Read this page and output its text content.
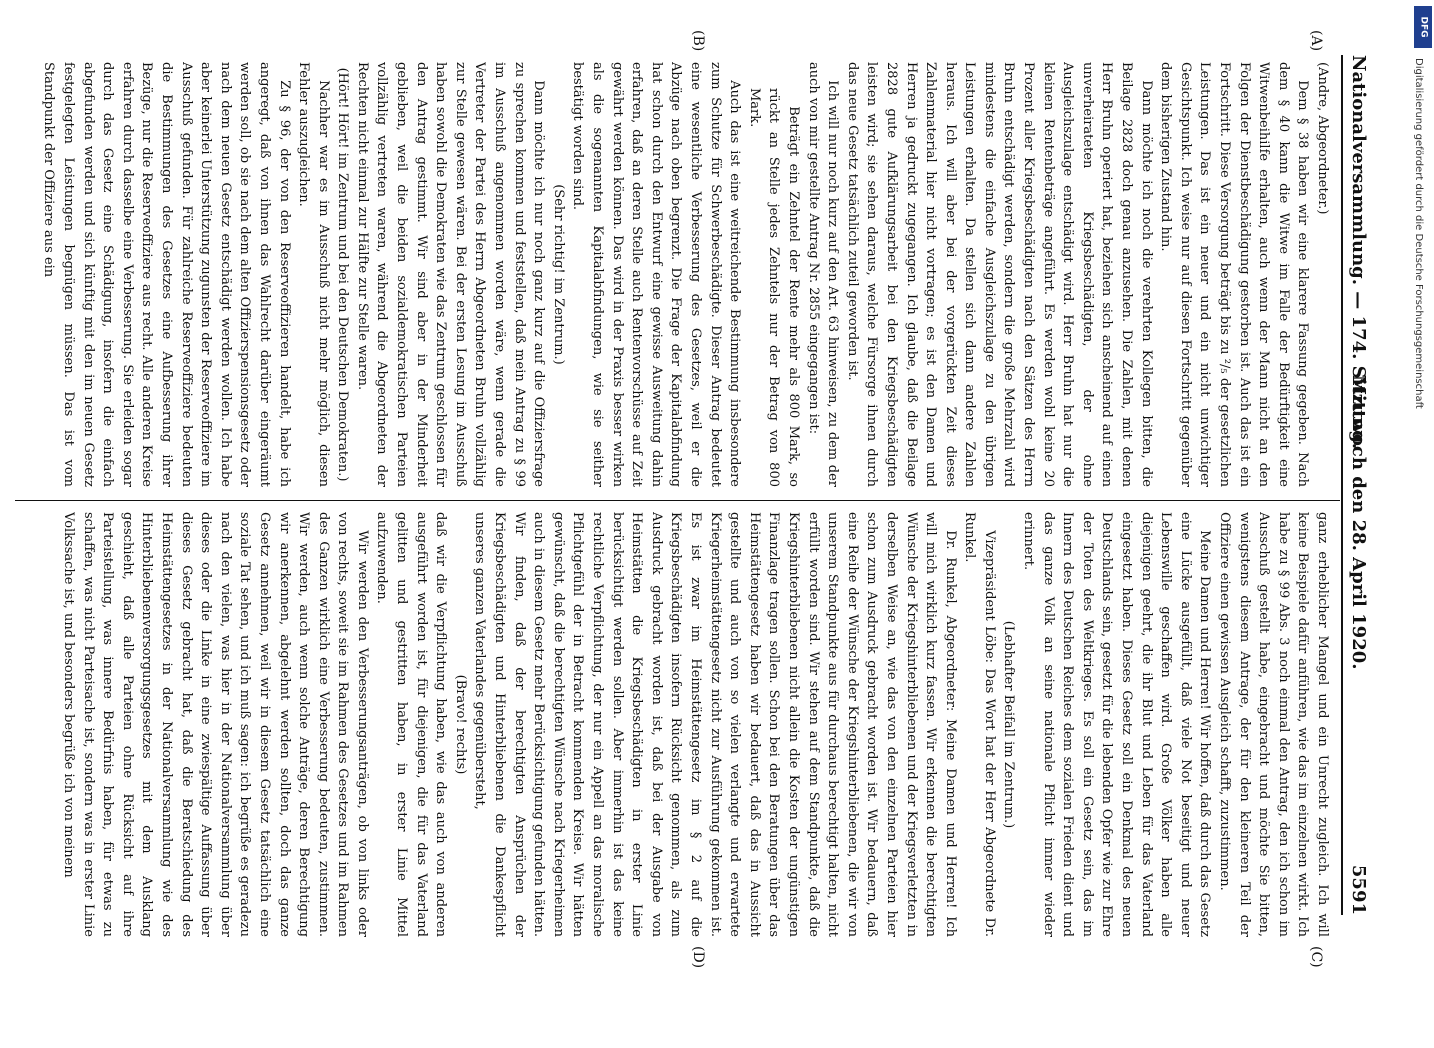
Nationalversammlung. — 174. Sitzung.
Mittwoch den 28. April 1920.
5591
(A)
(B)
(C)
(D)

(Andre, Abgeordneter.)

Dem § 38 haben wir eine klarere Fassung gegeben. Nach dem § 40 kann die Witwe im Falle der Bedürftigkeit eine Witwenbeihilfe erhalten, auch wenn der Mann nicht an den Folgen der Dienstbeschädigung gestorben ist. Auch das ist ein Fortschritt. Diese Versorgung beträgt bis zu ²/₅ der gesetzlichen Leistungen. Das ist ein neuer und ein nicht unwichtiger Gesichtspunkt. Ich weise nur auf diesen Fortschritt gegenüber dem bisherigen Zustand hin.

Dann möchte ich noch die verehrten Kollegen bitten, die Beilage 2828 doch genau anzusehen. Die Zahlen, mit denen Herr Bruhn operiert hat, beziehen sich anscheinend auf einen unverheirateten Kriegsbeschädigten, der ohne Ausgleichszulage entschädigt wird. Herr Bruhn hat nur die kleinen Rentenbeträge angeführt. Es werden wohl keine 20 Prozent aller Kriegsbeschädigten nach den Sätzen des Herrn Bruhn entschädigt werden, sondern die große Mehrzahl wird mindestens die einfache Ausgleichszulage zu den übrigen Leistungen erhalten. Da stellen sich dann andere Zahlen heraus. Ich will aber bei der vorgerückten Zeit dieses Zahlenmaterial hier nicht vortragen; es ist den Damen und Herren ja gedruckt zugegangen. Ich glaube, daß die Beilage 2828 gute Aufklärungsarbeit bei den Kriegsbeschädigten leisten wird; sie sehen daraus, welche Fürsorge ihnen durch das neue Gesetz tatsächlich zuteil geworden ist.

Ich will nur noch kurz auf den Art. 63 hinweisen, zu dem der auch von mir gestellte Antrag Nr. 2855 eingegangen ist:

Beträgt ein Zehntel der Rente mehr als 800 Mark, so rückt an Stelle jedes Zehntels nur der Betrag von 800 Mark.

Auch das ist eine weitreichende Bestimmung insbesondere zum Schutze für Schwerbeschädigte. Dieser Antrag bedeutet eine wesentliche Verbesserung des Gesetzes, weil er die Abzüge nach oben begrenzt. Die Frage der Kapitalabfindung hat schon durch den Entwurf eine gewisse Ausweitung dahin erfahren, daß an deren Stelle auch Rentenvorschüsse auf Zeit gewährt werden können. Das wird in der Praxis besser wirken als die sogenannten Kapitalabfindungen, wie sie seither bestätigt worden sind.

(Sehr richtig! im Zentrum.)

Dann möchte ich nur noch ganz kurz auf die Offiziersfrage zu sprechen kommen und feststellen, daß mein Antrag zu § 99 im Ausschuß angenommen worden wäre, wenn gerade die Vertreter der Partei des Herrn Abgeordneten Bruhn vollzählig zur Stelle gewesen wären. Bei der ersten Lesung im Ausschuß haben sowohl die Demokraten wie das Zentrum geschlossen für den Antrag gestimmt. Wir sind aber in der Minderheit geblieben, weil die beiden sozialdemokratischen Parteien vollzählig vertreten waren, während die Abgeordneten der Rechten nicht einmal zur Hälfte zur Stelle waren.

(Hört! Hört! im Zentrum und bei den Deutschen Demokraten.)

Nachher war es im Ausschuß nicht mehr möglich, diesen Fehler auszugleichen.

Zu § 96, der von den Reserveoffizieren handelt, habe ich angeregt, daß von ihnen das Wahlrecht darüber eingeräumt werden soll, ob sie nach dem alten Offizierspensionsgesetz oder nach dem neuen Gesetz entschädigt werden wollen. Ich habe aber keinerlei Unterstützung zugunsten der Reserveoffiziere im Ausschuß gefunden. Für zahlreiche Reserveoffiziere bedeuten die Bestimmungen des Gesetzes eine Aufbesserung ihrer Bezüge, nur die Reserveoffiziere aus recht. Alle anderen Kreise erfahren durch dasselbe eine Verbesserung. Sie erleiden sogar durch das Gesetz eine Schädigung, insofern die einfach abgefunden werden und sich künftig mit den im neuen Gesetz festgelegten Leistungen begnügen müssen. Das ist vom Standpunkt der Offiziere aus ein

ganz erheblicher Mangel und ein Unrecht zugleich. Ich will keine Beispiele dafür anführen, wie das im einzelnen wirkt. Ich habe zu § 99 Abs. 3 noch einmal den Antrag, den ich schon im Ausschuß gestellt habe, eingebracht und möchte Sie bitten, wenigstens diesem Antrage, der für den kleineren Teil der Offiziere einen gewissen Ausgleich schafft, zuzustimmen.

Meine Damen und Herren! Wir hoffen, daß durch das Gesetz eine Lücke ausgefüllt, daß viele Not beseitigt und neuer Lebenswille geschaffen wird. Große Völker haben alle diejenigen geehrt, die ihr Blut und Leben für das Vaterland eingesetzt haben. Dieses Gesetz soll ein Denkmal des neuen Deutschlands sein, gesetzt für die lebenden Opfer wie zur Ehre der Toten des Weltkrieges. Es soll ein Gesetz sein, das im Innern des Deutschen Reiches dem sozialen Frieden dient und das ganze Volk an seine nationale Pflicht immer wieder erinnert.

(Lebhafter Beifall im Zentrum.)

Vizepräsident Löbe: Das Wort hat der Herr Abgeordnete Dr. Runkel.

Dr. Runkel, Abgeordneter: Meine Damen und Herren! Ich will mich wirklich kurz fassen. Wir erkennen die berechtigten Wünsche der Kriegshinterbliebenen und der Kriegsverletzten in derselben Weise an, wie das von den einzelnen Parteien hier schon zum Ausdruck gebracht worden ist. Wir bedauern, daß eine Reihe der Wünsche der Kriegshinterbliebenen, die wir von unserem Standpunkte aus für durchaus berechtigt halten, nicht erfüllt worden sind. Wir stehen auf dem Standpunkte, daß die Kriegshinterbliebenen nicht allein die Kosten der ungünstigen Finanzlage tragen sollen. Schon bei den Beratungen über das Heimstättengesetz haben wir bedauert, daß das in Aussicht gestellte und auch von so vielen verlangte und erwartete Kriegerheimstättengesetz nicht zur Ausführung gekommen ist. Es ist zwar im Heimstättengesetz im § 2 auf die Kriegsbeschädigten insofern Rücksicht genommen, als zum Ausdruck gebracht worden ist, daß bei der Ausgabe von Heimstätten die Kriegsbeschädigten in erster Linie berücksichtigt werden sollen. Aber immerhin ist das keine rechtliche Verpflichtung, der nur ein Appell an das moralische Pflichtgefühl der in Betracht kommenden Kreise. Wir hätten gewünscht, daß die berechtigten Wünsche nach Kriegerheimen auch in diesem Gesetz mehr Berücksichtigung gefunden hätten. Wir finden, daß der berechtigten Ansprüchen der Kriegsbeschädigten und Hinterbliebenen die Dankespflicht unseres ganzen Vaterlandes gegenübersteht,

(Bravo! rechts)

daß wir die Verpflichtung haben, wie das auch von anderen ausgeführt worden ist, für diejenigen, die für das Vaterland gelitten und gestritten haben, in erster Linie Mittel aufzuwenden.

Wir werden den Verbesserungsanträgen, ob von links oder von rechts, soweit sie im Rahmen des Gesetzes und im Rahmen des Ganzen wirklich eine Verbesserung bedeuten, zustimmen. Wir werden, auch wenn solche Anträge, deren Berechtigung wir anerkennen, abgelehnt werden sollten, doch das ganze Gesetz annehmen, weil wir in diesem Gesetz tatsächlich eine soziale Tat sehen, und ich muß sagen: ich begrüße es geradezu nach den vielen, was hier in der Nationalversammlung über dieses oder die Linke in eine zwiespältige Auffassung über dieses Gesetz gebracht hat, daß die Beratschiedung des Heimstättengesetzes in der Nationalversammlung wie des Hinterbliebenenversorgungsgesetzes mit dem Ausklang geschieht, daß alle Parteien ohne Rücksicht auf ihre Parteistellung, was innere Bedürfnis haben, für etwas zu schaffen, was nicht Parteisache ist, sondern was in erster Linie Volkssache ist, und besonders begrüße ich von meinem

DFG
Digitalisierung gefördert durch die Deutsche Forschungsgemeinschaft
